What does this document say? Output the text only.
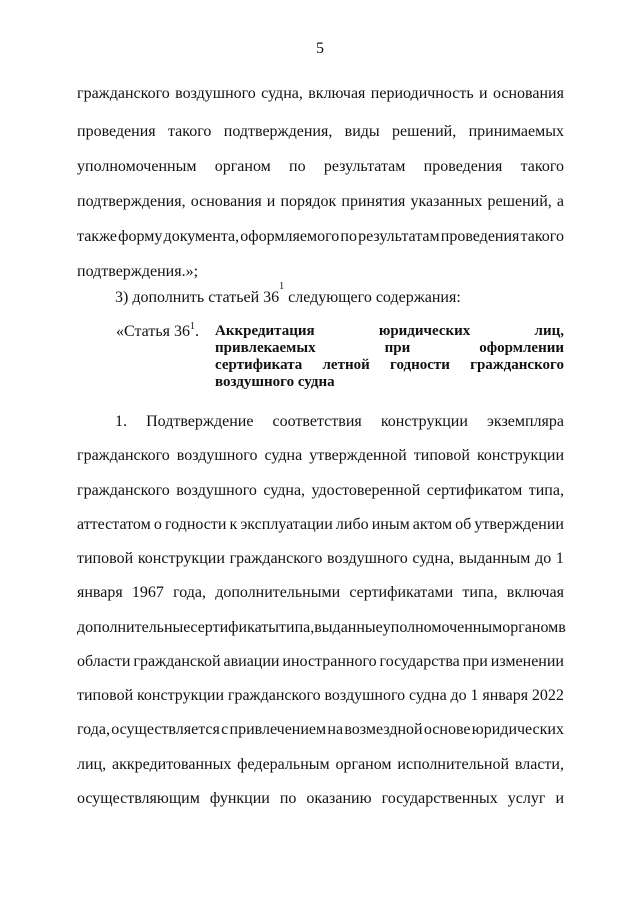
5
гражданского воздушного судна, включая периодичность и основания
проведения такого подтверждения, виды решений, принимаемых
уполномоченным органом по результатам проведения такого
подтверждения, основания и порядок принятия указанных решений, а
также форму документа, оформляемого по результатам проведения такого
подтверждения.»;
3) дополнить статьей 36
$^1$
следующего содержания:
«Статья $36^1$. Аккредитация	юридических	лиц,
привлекаемых	при	оформлении
сертификата летной годности гражданского
воздушного судна
1. Подтверждение соответствия конструкции экземпляра
гражданского воздушного судна утвержденной типовой конструкции
гражданского воздушного судна, удостоверенной сертификатом типа,
аттестатом о годности к эксплуатации либо иным актом об утверждении
типовой конструкции гражданского воздушного судна, выданным до 1
января 1967 года, дополнительными сертификатами типа, включая
дополнительные сертификаты типа, выданные уполномоченным органом в
области гражданской авиации иностранного государства при изменении
типовой конструкции гражданского воздушного судна до 1 января 2022
года, осуществляется с привлечением на возмездной основе юридических
лиц, аккредитованных федеральным органом исполнительной власти,
осуществляющим функции по оказанию государственных услуг и
